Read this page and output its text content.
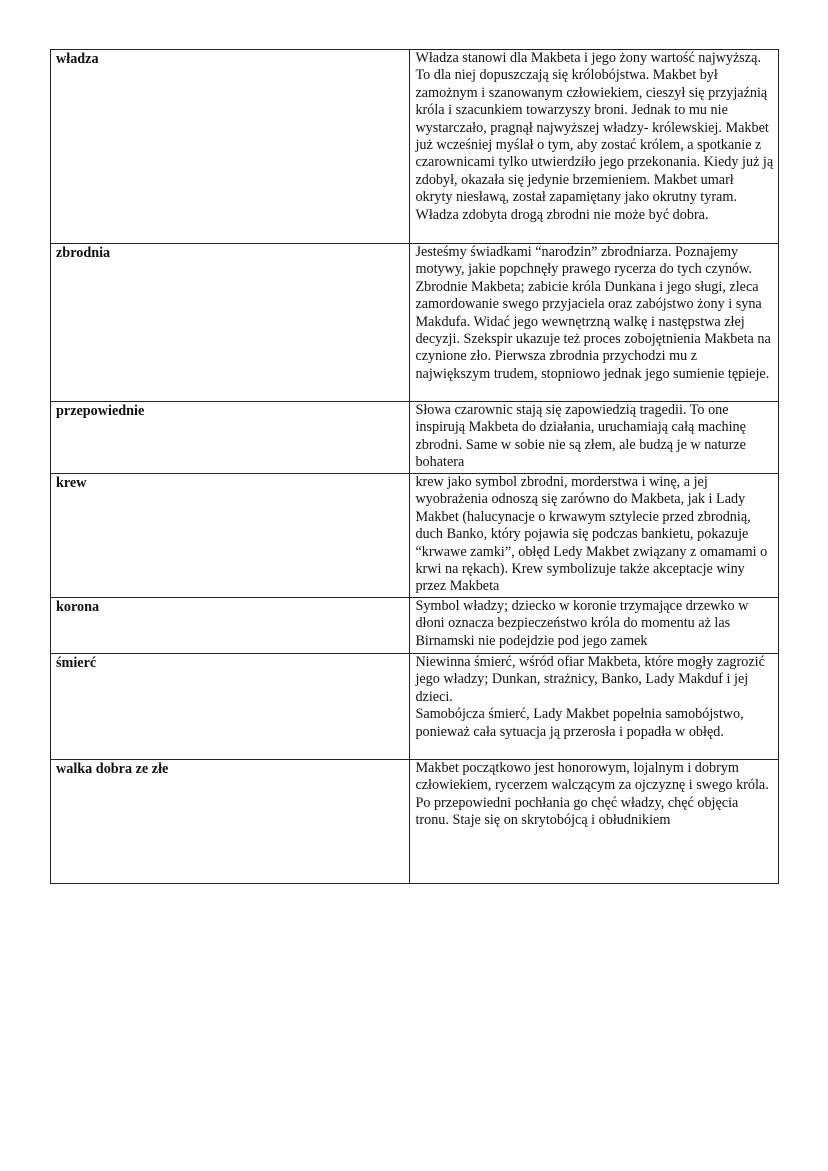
władza	Władza stanowi dla Makbeta i jego żony wartość najwyższą. To dla niej dopuszczają się królobójstwa. Makbet był zamożnym i szanowanym człowiekiem, cieszył się przyjaźnią króla i szacunkiem towarzyszy broni. Jednak to mu nie wystarczało, pragnął najwyższej władzy- królewskiej. Makbet już wcześniej myślał o tym, aby zostać królem, a spotkanie z czarownicami tylko utwierdziło jego przekonania. Kiedy już ją zdobył, okazała się jedynie brzemieniem. Makbet umarł okryty niesławą, został zapamiętany jako okrutny tyram. Władza zdobyta drogą zbrodni nie może być dobra.

zbrodnia	Jesteśmy świadkami “narodzin” zbrodniarza. Poznajemy motywy, jakie popchnęły prawego rycerza do tych czynów. Zbrodnie Makbeta; zabicie króla Dunkana i jego sługi, zleca zamordowanie swego przyjaciela oraz zabójstwo żony i syna Makdufa. Widać jego wewnętrzną walkę i następstwa złej decyzji. Szekspir ukazuje też proces zobojętnienia Makbeta na czynione zło. Pierwsza zbrodnia przychodzi mu z największym trudem, stopniowo jednak jego sumienie tępieje.

przepowiednie	Słowa czarownic stają się zapowiedzią tragedii. To one inspirują Makbeta do działania, uruchamiają całą machinę zbrodni. Same w sobie nie są złem, ale budzą je w naturze bohatera

krew	krew jako symbol zbrodni, morderstwa i winę, a jej wyobrażenia odnoszą się zarówno do Makbeta, jak i Lady Makbet (halucynacje o krwawym sztylecie przed zbrodnią, duch Banko, który pojawia się podczas bankietu, pokazuje “krwawe zamki”, obłęd Ledy Makbet związany z omamami o krwi na rękach). Krew symbolizuje także akceptacje winy przez Makbeta

korona	Symbol władzy; dziecko w koronie trzymające drzewko w dłoni oznacza bezpieczeństwo króla do momentu aż las Birnamski nie podejdzie pod jego zamek

śmierć	Niewinna śmierć, wśród ofiar Makbeta, które mogły zagrozić jego władzy; Dunkan, strażnicy, Banko, Lady Makduf i jej dzieci.
Samobójcza śmierć, Lady Makbet popełnia samobójstwo, ponieważ cała sytuacja ją przerosła i popadła w obłęd.

walka dobra ze złe	Makbet początkowo jest honorowym, lojalnym i dobrym człowiekiem, rycerzem walczącym za ojczyznę i swego króla. Po przepowiedni pochłania go chęć władzy, chęć objęcia tronu. Staje się on skrytobójcą i obłudnikiem
